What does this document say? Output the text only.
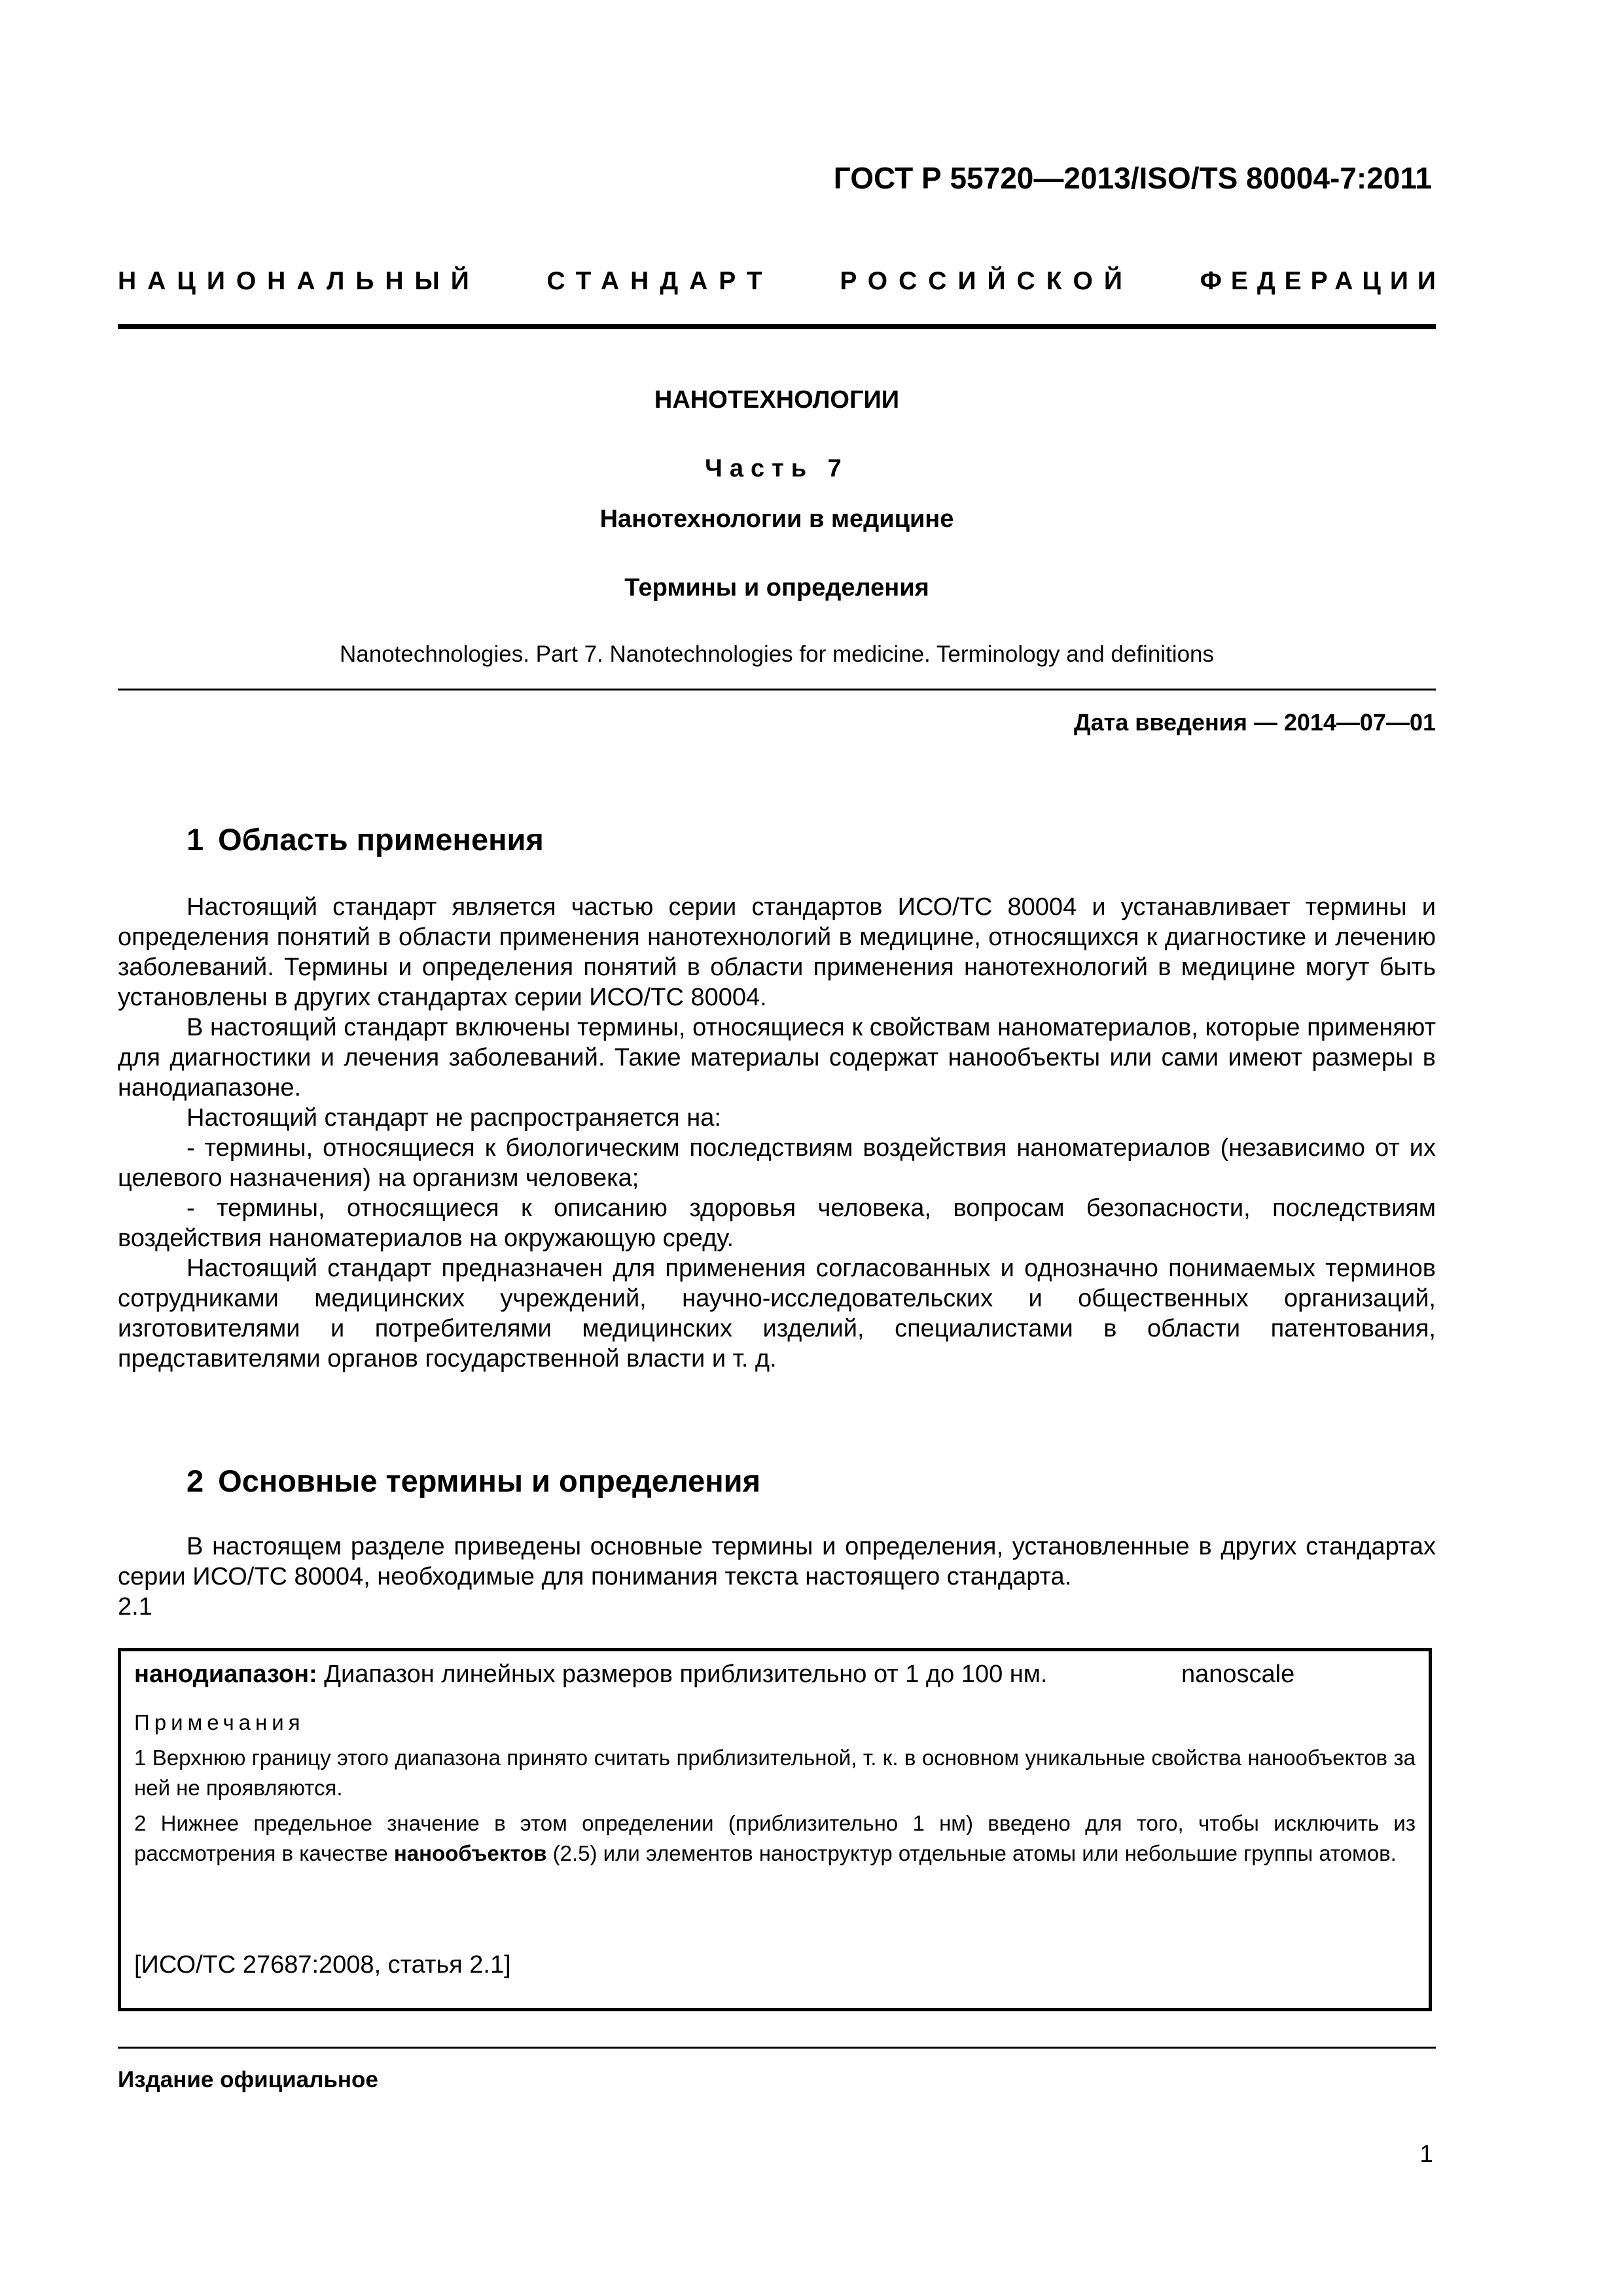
ГОСТ Р 55720—2013/ISO/TS 80004-7:2011
НАЦИОНАЛЬНЫЙ	СТАНДАРТ	РОССИЙСКОЙ	ФЕДЕРАЦИИ
НАНОТЕХНОЛОГИИ
Часть 7
Нанотехнологии в медицине
Термины и определения
Nanotechnologies. Part 7. Nanotechnologies for medicine. Terminology and definitions
Дата введения — 2014—07—01
1 Область применения

Настоящий стандарт является частью серии стандартов ИСО/ТС 80004 и устанавливает термины и определения понятий в области применения нанотехнологий в медицине, относящихся к диагностике и лечению заболеваний. Термины и определения понятий в области применения нанотехнологий в медицине могут быть установлены в других стандартах серии ИСО/ТС 80004.

В настоящий стандарт включены термины, относящиеся к свойствам наноматериалов, которые применяют для диагностики и лечения заболеваний. Такие материалы содержат нанообъекты или сами имеют размеры в нанодиапазоне.

Настоящий стандарт не распространяется на:

- термины, относящиеся к биологическим последствиям воздействия наноматериалов (независимо от их целевого назначения) на организм человека;

- термины, относящиеся к описанию здоровья человека, вопросам безопасности, последствиям воздействия наноматериалов на окружающую среду.

Настоящий стандарт предназначен для применения согласованных и однозначно понимаемых терминов сотрудниками медицинских учреждений, научно-исследовательских и общественных организаций, изготовителями и потребителями медицинских изделий, специалистами в области патентования, представителями органов государственной власти и т. д.

2 Основные термины и определения

В настоящем разделе приведены основные термины и определения, установленные в других стандартах серии ИСО/ТС 80004, необходимые для понимания текста настоящего стандарта.

2.1

нанодиапазон: Диапазон линейных размеров приблизительно от 1 до 100 нм.	nanoscale
Примечания
1 Верхнюю границу этого диапазона принято считать приблизительной, т. к. в основном уникальные свойства нанообъектов за ней не проявляются.
2 Нижнее предельное значение в этом определении (приблизительно 1 нм) введено для того, чтобы исключить из рассмотрения в качестве нанообъектов (2.5) или элементов наноструктур отдельные атомы или небольшие группы атомов.
[ИСО/ТС 27687:2008, статья 2.1]
Издание официальное
1
